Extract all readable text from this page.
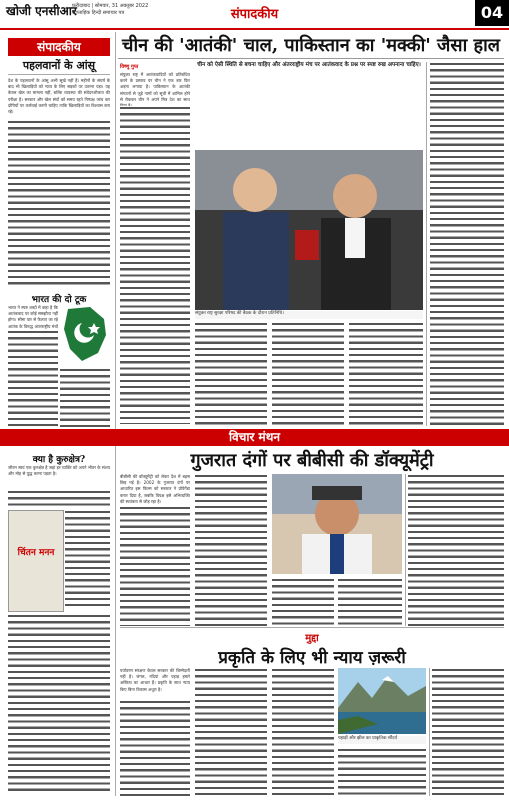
खोजी एनसीआर
फ़रीदाबाद | सोमवार, 31 अक्तूबर 2022
साप्ताहिक हिन्दी समाचार पत्र	संपादकीय	04
संपादकीय
पहलवानों के आंसू
देश के पहलवानों के आंसू अभी सूखे नहीं हैं। महीनों के संघर्ष के बाद भी खिलाड़ियों को न्याय के लिए सड़कों पर उतरना पड़ा। यह केवल खेल का मामला नहीं, बल्कि व्यवस्था की संवेदनशीलता की परीक्षा है। सरकार और खेल संघों को समय रहते निष्पक्ष जांच कर दोषियों पर कार्रवाई करनी चाहिए ताकि खिलाड़ियों का विश्वास बना रहे।
भारत की दो टूक
भारत ने स्पष्ट शब्दों में कहा है कि आतंकवाद पर कोई समझौता नहीं होगा। सीमा पार से फैलाए जा रहे आतंक के विरुद्ध अंतरराष्ट्रीय मंचों
क्या है कुरुक्षेत्र?
जीवन स्वयं एक कुरुक्षेत्र है जहां हर व्यक्ति को अपने भीतर के संशय और मोह से युद्ध करना पड़ता है।
चिंतन मनन
चीन की 'आतंकी' चाल, पाकिस्तान का 'मक्की' जैसा हाल
विष्णु गुप्त
संयुक्त राष्ट्र में आतंकवादियों को प्रतिबंधित करने के प्रस्ताव पर चीन ने एक बार फिर अड़ंगा लगाया है। पाकिस्तान के आतंकी संगठनों से जुड़े नामों को सूची में शामिल होने से रोककर चीन ने अपने मित्र देश का साथ
चीन को ऐसी स्थिति से बचना चाहिए और अंतरराष्ट्रीय मंच पर आतंकवाद के प्रश्न पर स्पष्ट रुख अपनाना चाहिए।
संयुक्त राष्ट्र सुरक्षा परिषद की बैठक के दौरान प्रतिनिधि।
विचार मंथन
गुजरात दंगों पर बीबीसी की डॉक्यूमेंट्री
बीबीसी की डॉक्यूमेंट्री को लेकर देश में बहस छिड़ गई है। 2002 के गुजरात दंगों पर आधारित इस फिल्म को सरकार ने प्रोपेगेंडा करार दिया है, जबकि विपक्ष इसे अभिव्यक्ति की स्वतंत्रता से जोड़ रहा है।
मुद्दा
प्रकृति के लिए भी न्याय ज़रूरी
पर्यावरण संरक्षण केवल सरकार की जिम्मेदारी नहीं है। जंगल, नदियां और पहाड़ हमारे अस्तित्व का आधार हैं। प्रकृति के साथ न्याय किए बिना विकास अधूरा है।
पहाड़ों और झील का प्राकृतिक सौंदर्य
